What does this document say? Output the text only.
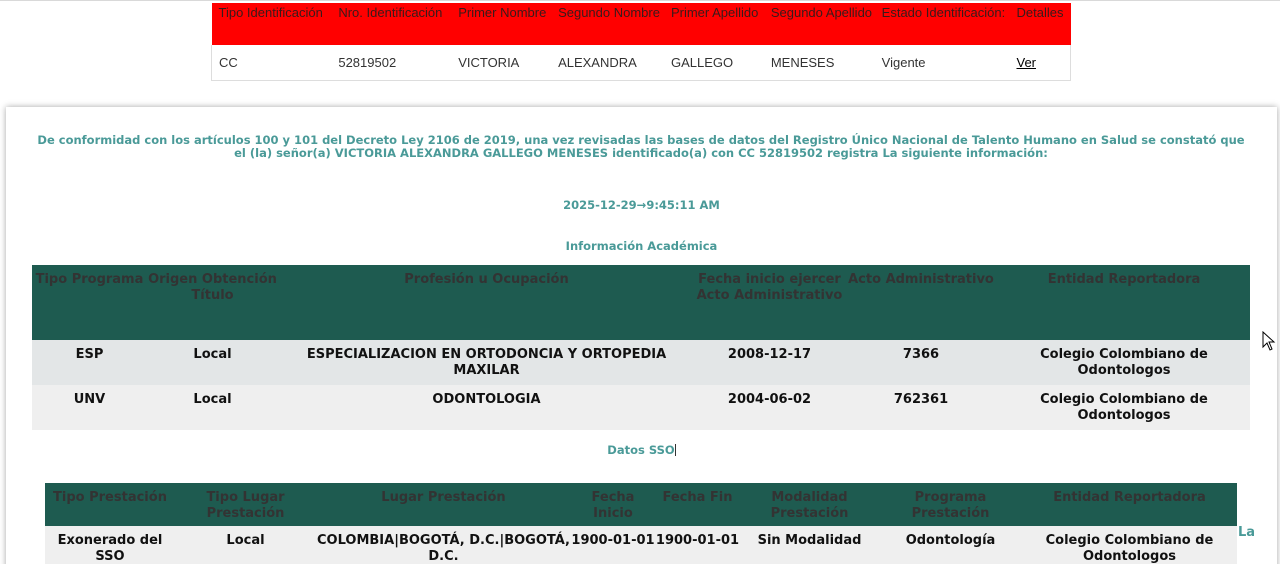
Tipo Identificación	Nro. Identificación	Primer Nombre	Segundo Nombre	Primer Apellido	Segundo Apellido	Estado Identificación:	Detalles
CC	52819502	VICTORIA	ALEXANDRA	GALLEGO	MENESES	Vigente	Ver
De conformidad con los artículos 100 y 101 del Decreto Ley 2106 de 2019, una vez revisadas las bases de datos del Registro Único Nacional de Talento Humano en Salud se constató que el (la) señor(a) VICTORIA ALEXANDRA GALLEGO MENESES identificado(a) con CC 52819502 registra La siguiente información:
2025-12-29→9:45:11 AM
Información Académica
Tipo Programa	Origen Obtención Título	Profesión u Ocupación	Fecha inicio ejercer Acto Administrativo	Acto Administrativo	Entidad Reportadora
ESP	Local	ESPECIALIZACION EN ORTODONCIA Y ORTOPEDIA MAXILAR	2008-12-17	7366	Colegio Colombiano de Odontologos
UNV	Local	ODONTOLOGIA	2004-06-02	762361	Colegio Colombiano de Odontologos
Datos SSO
Tipo Prestación	Tipo Lugar Prestación	Lugar Prestación	Fecha Inicio	Fecha Fin	Modalidad Prestación	Programa Prestación	Entidad Reportadora
Exonerado del SSO	Local	COLOMBIA|BOGOTÁ, D.C.|BOGOTÁ, D.C.	1900-01-01	1900-01-01	Sin Modalidad	Odontología	Colegio Colombiano de Odontologos
La
